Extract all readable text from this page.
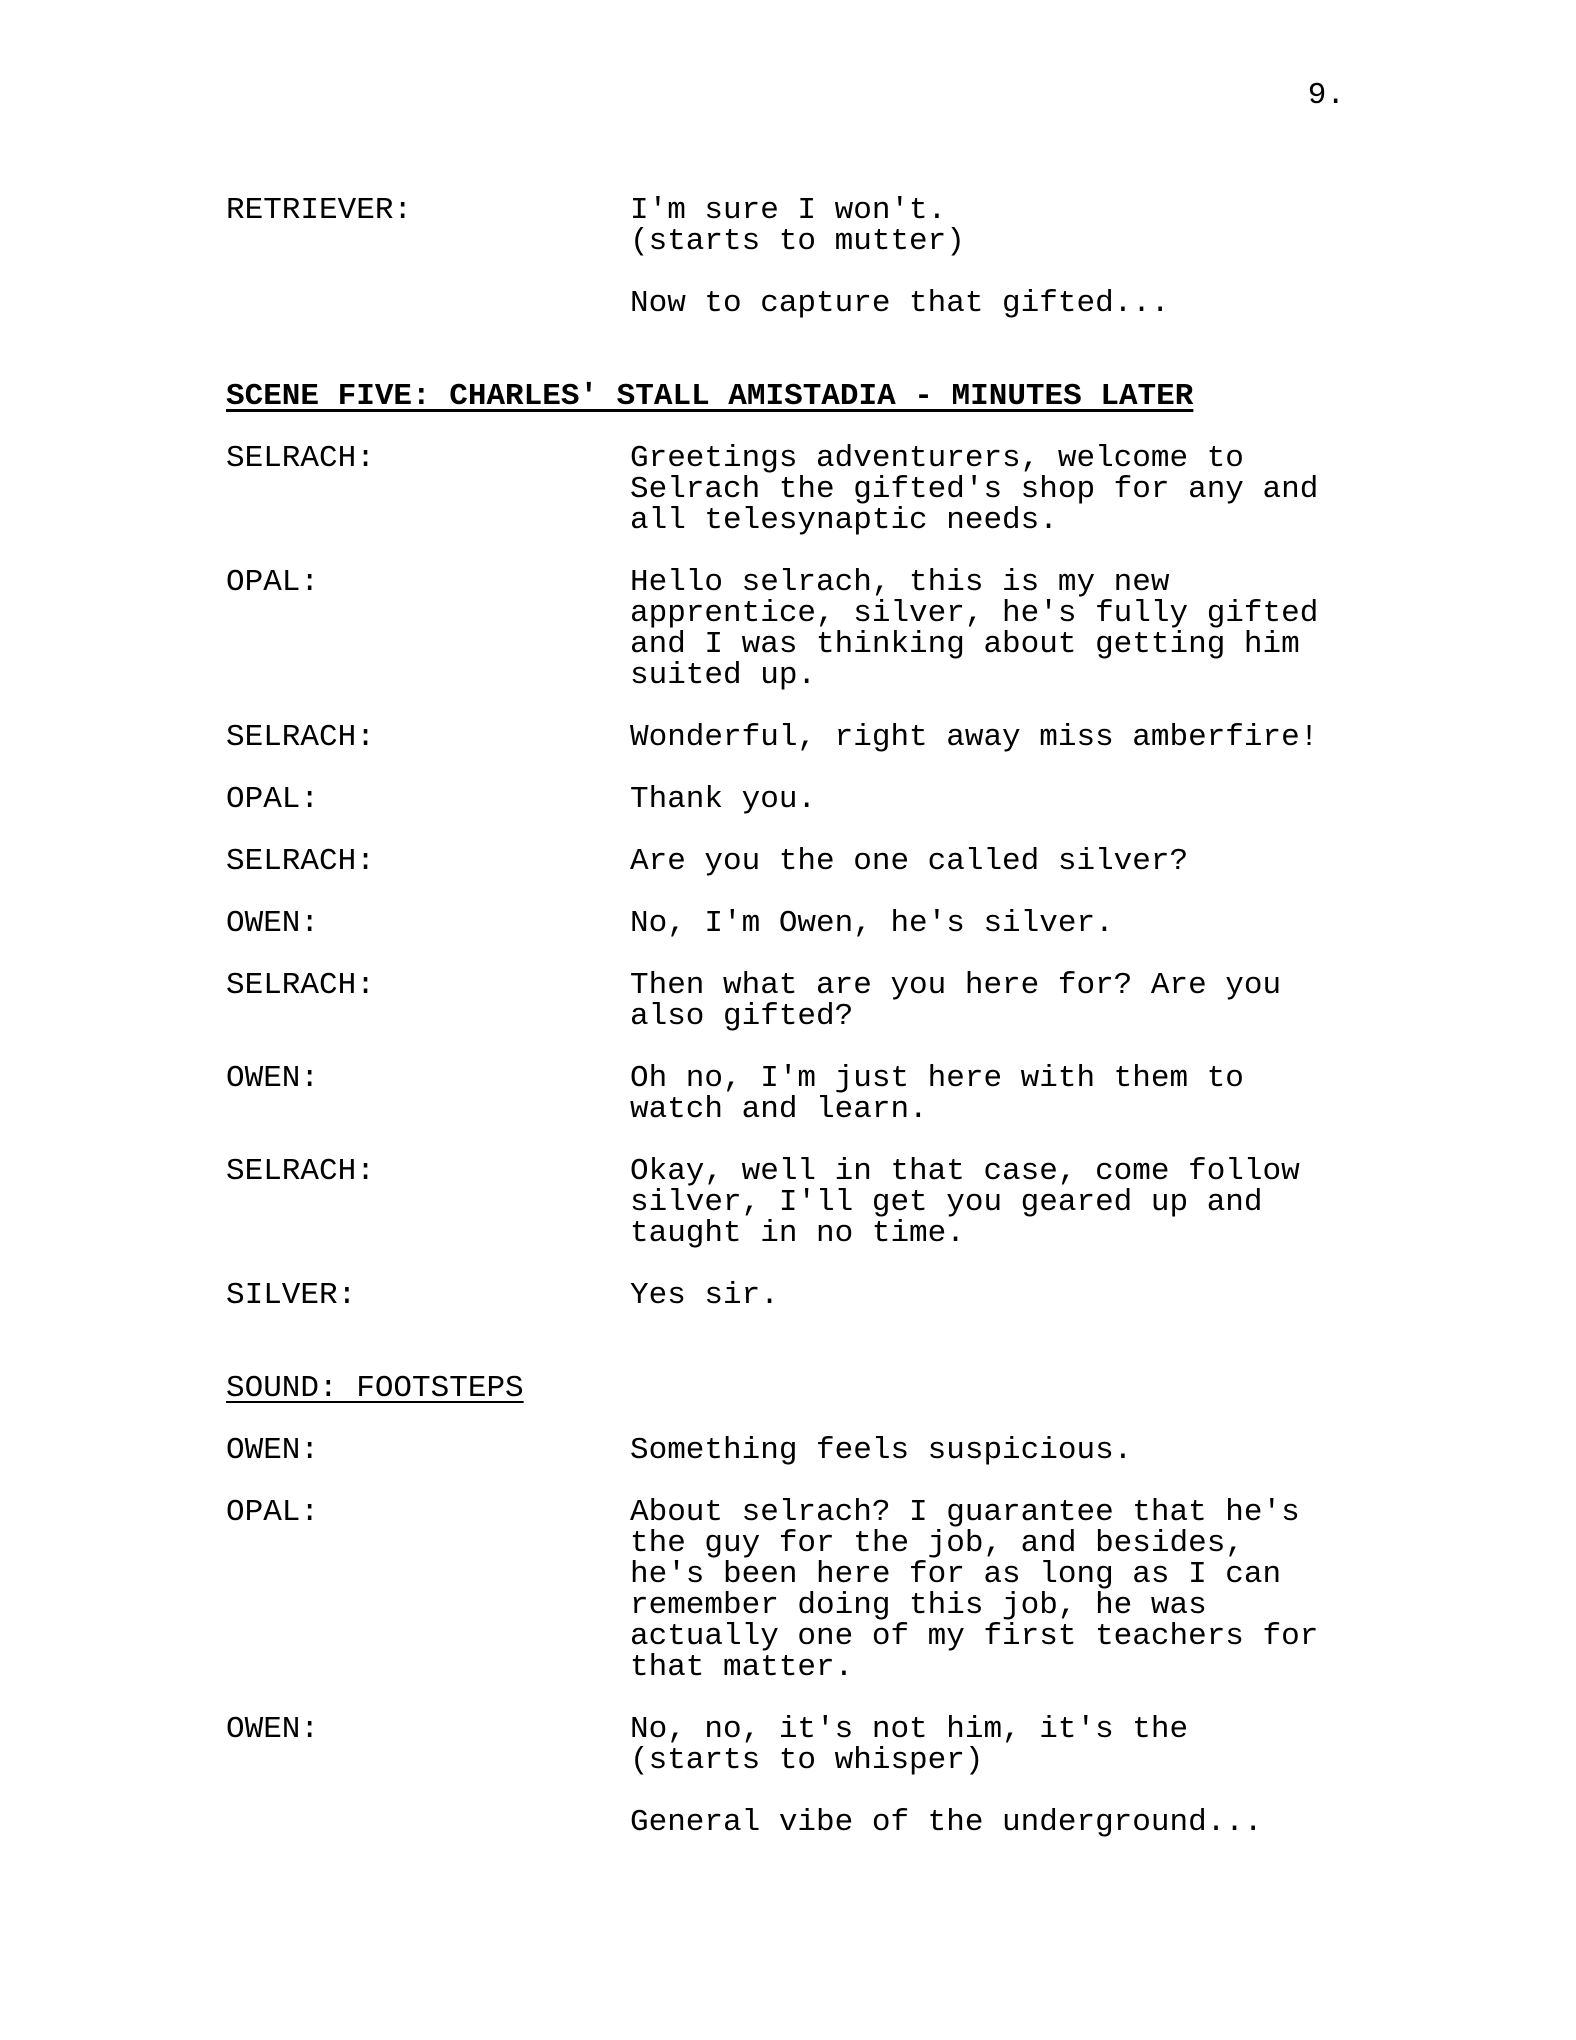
9.
RETRIEVER:	I'm sure I won't.
(starts to mutter)

Now to capture that gifted...
SCENE FIVE: CHARLES' STALL AMISTADIA - MINUTES LATER
SELRACH:	Greetings adventurers, welcome to
Selrach the gifted's shop for any and
all telesynaptic needs.
OPAL:	Hello selrach, this is my new
apprentice, silver, he's fully gifted
and I was thinking about getting him
suited up.
SELRACH:	Wonderful, right away miss amberfire!
OPAL:	Thank you.
SELRACH:	Are you the one called silver?
OWEN:	No, I'm Owen, he's silver.
SELRACH:	Then what are you here for? Are you
also gifted?
OWEN:	Oh no, I'm just here with them to
watch and learn.
SELRACH:	Okay, well in that case, come follow
silver, I'll get you geared up and
taught in no time.
SILVER:	Yes sir.
SOUND: FOOTSTEPS
OWEN:	Something feels suspicious.
OPAL:	About selrach? I guarantee that he's
the guy for the job, and besides,
he's been here for as long as I can
remember doing this job, he was
actually one of my first teachers for
that matter.
OWEN:	No, no, it's not him, it's the
(starts to whisper)

General vibe of the underground...
